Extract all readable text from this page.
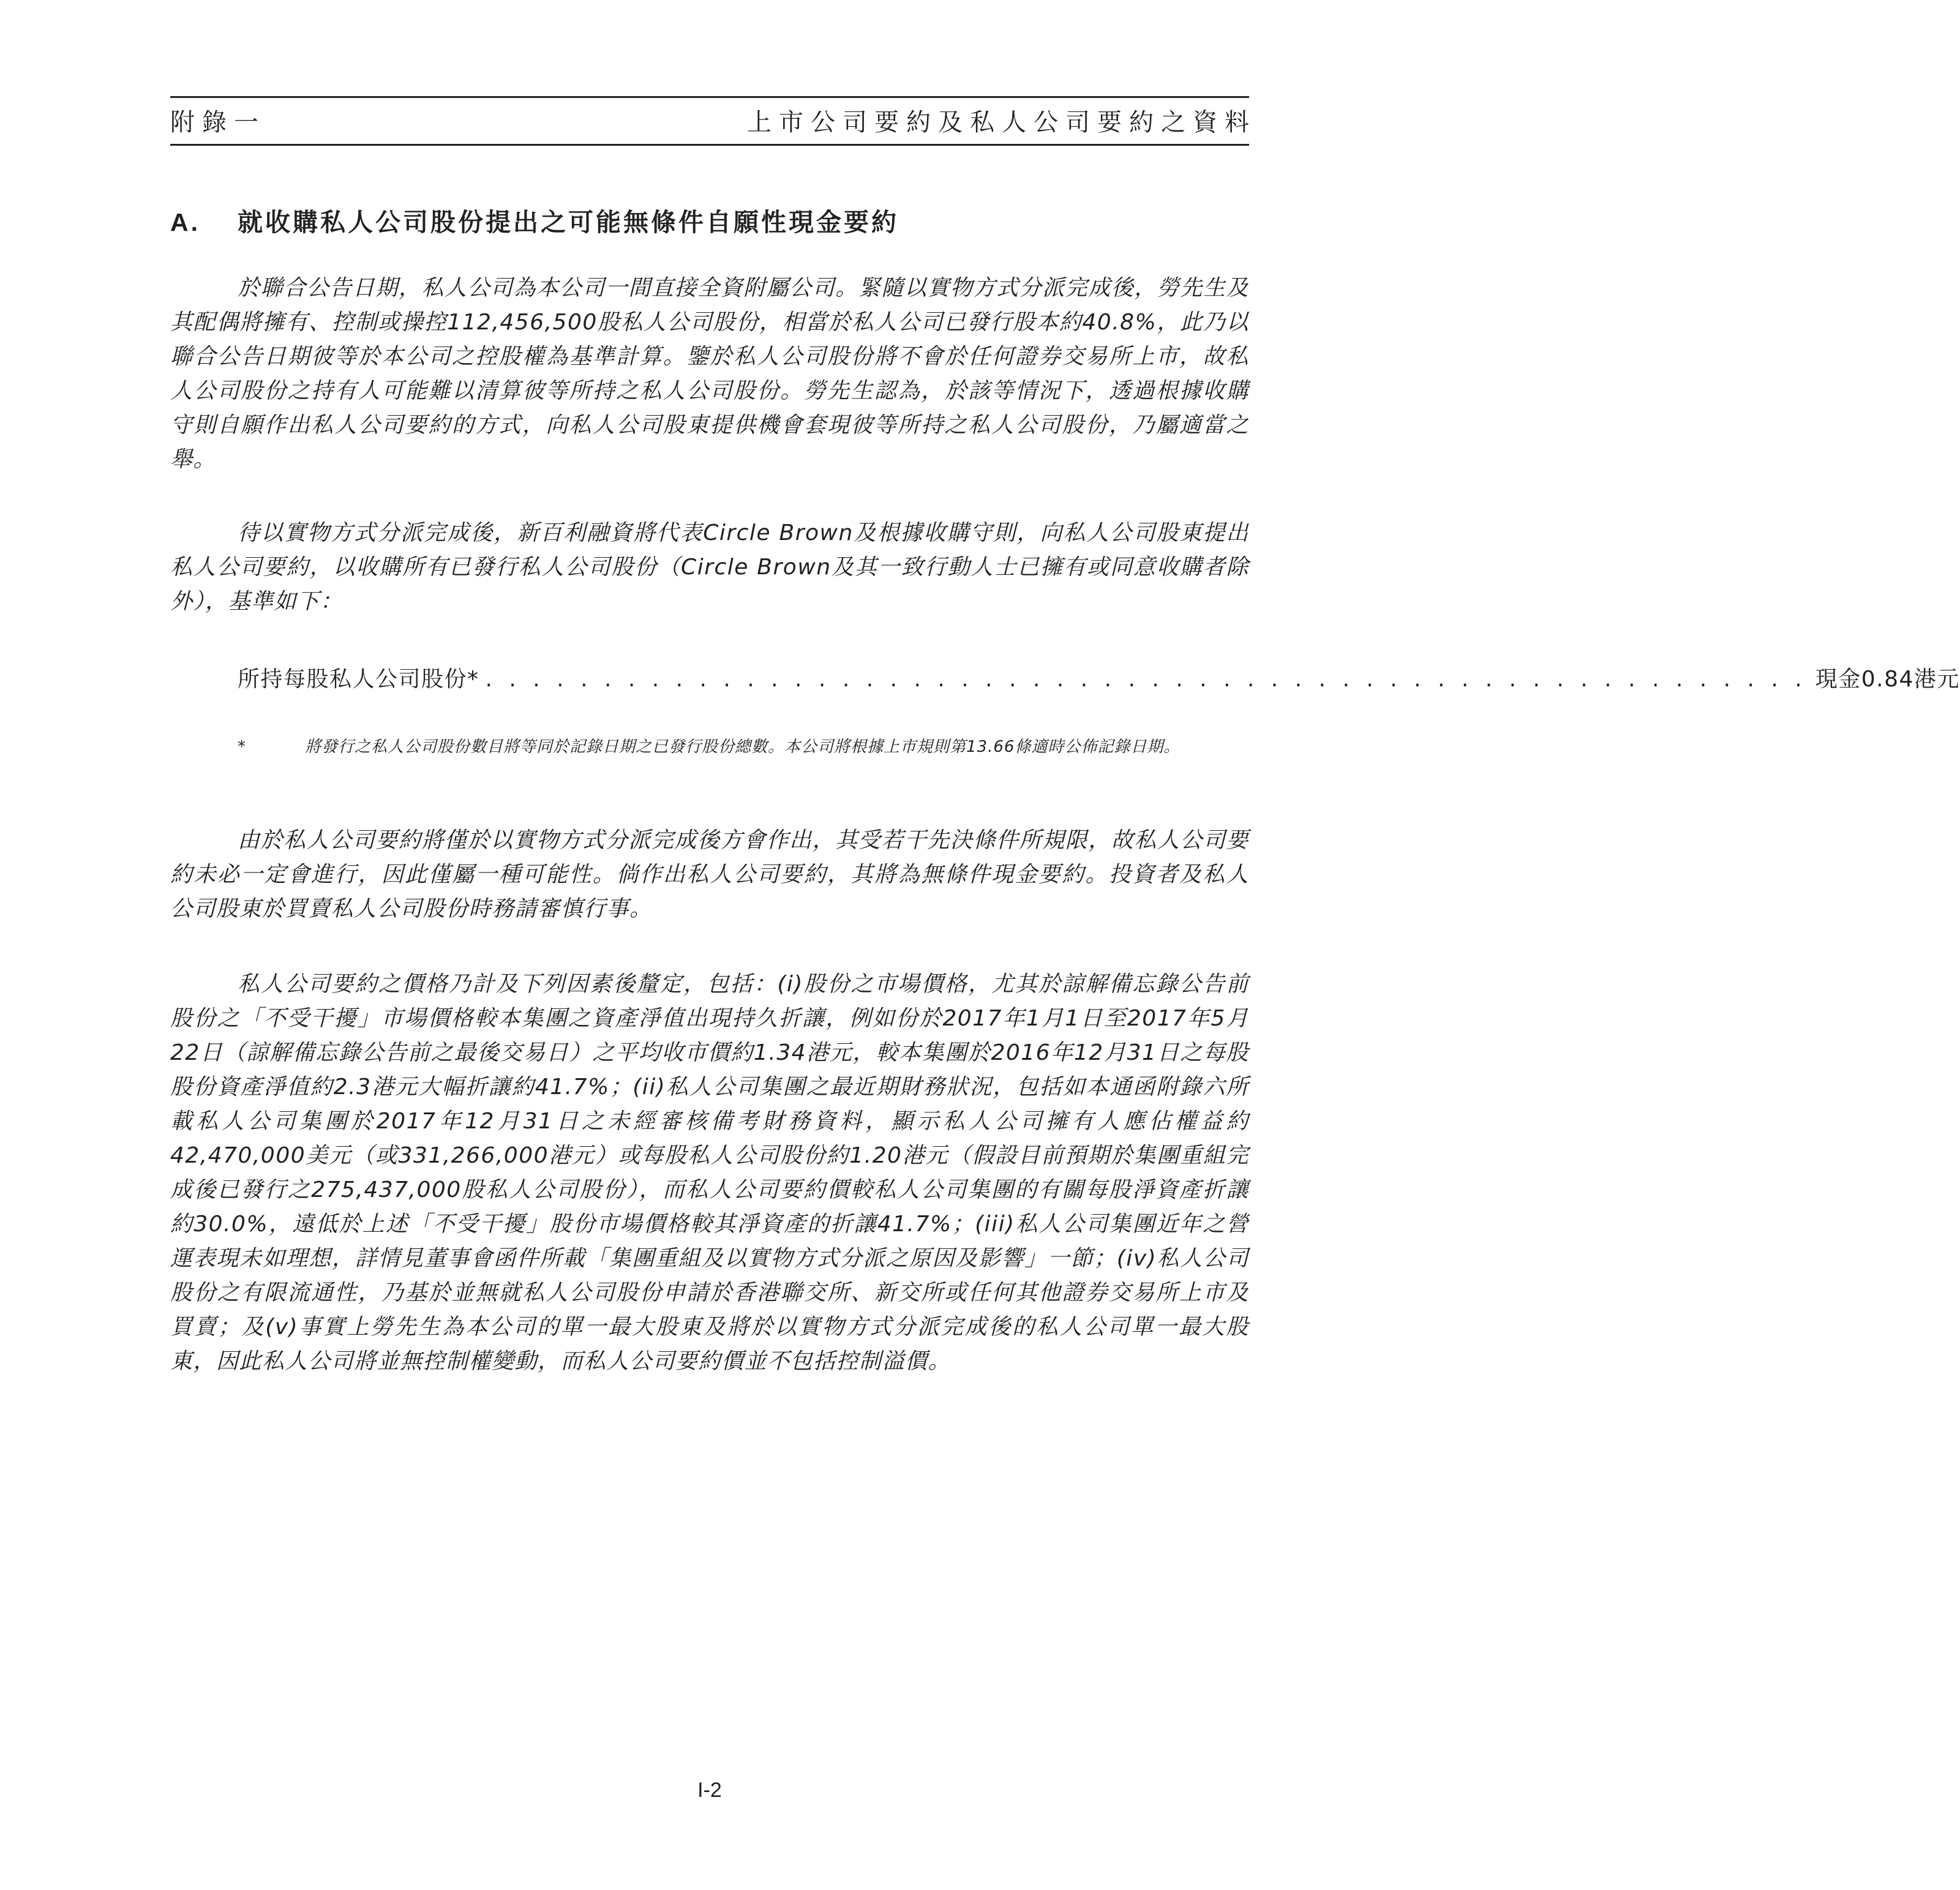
附錄一	上市公司要約及私人公司要約之資料
A. 就收購私人公司股份提出之可能無條件自願性現金要約
於聯合公告日期，私人公司為本公司一間直接全資附屬公司。緊隨以實物方式分派完成後，勞先生及其配偶將擁有、控制或操控112,456,500股私人公司股份，相當於私人公司已發行股本約40.8%，此乃以聯合公告日期彼等於本公司之控股權為基準計算。鑒於私人公司股份將不會於任何證券交易所上市，故私人公司股份之持有人可能難以清算彼等所持之私人公司股份。勞先生認為，於該等情況下，透過根據收購守則自願作出私人公司要約的方式，向私人公司股東提供機會套現彼等所持之私人公司股份，乃屬適當之舉。
待以實物方式分派完成後，新百利融資將代表Circle Brown及根據收購守則，向私人公司股東提出私人公司要約，以收購所有已發行私人公司股份（Circle Brown及其一致行動人士已擁有或同意收購者除外），基準如下：
所持每股私人公司股份* . . . . . . . . . . . . . . . . . . . . . . . . . . . . . . . . . . . . . . . . . . . . . . . . . . . . . . . . 現金0.84港元
*	將發行之私人公司股份數目將等同於記錄日期之已發行股份總數。本公司將根據上市規則第13.66條適時公佈記錄日期。
由於私人公司要約將僅於以實物方式分派完成後方會作出，其受若干先決條件所規限，故私人公司要約未必一定會進行，因此僅屬一種可能性。倘作出私人公司要約，其將為無條件現金要約。投資者及私人公司股東於買賣私人公司股份時務請審慎行事。
私人公司要約之價格乃計及下列因素後釐定，包括：(i)股份之市場價格，尤其於諒解備忘錄公告前股份之「不受干擾」市場價格較本集團之資產淨值出現持久折讓，例如份於2017年1月1日至2017年5月22日（諒解備忘錄公告前之最後交易日）之平均收市價約1.34港元，較本集團於2016年12月31日之每股股份資產淨值約2.3港元大幅折讓約41.7%；(ii)私人公司集團之最近期財務狀況，包括如本通函附錄六所載私人公司集團於2017年12月31日之未經審核備考財務資料，顯示私人公司擁有人應佔權益約42,470,000美元（或331,266,000港元）或每股私人公司股份約1.20港元（假設目前預期於集團重組完成後已發行之275,437,000股私人公司股份），而私人公司要約價較私人公司集團的有關每股淨資產折讓約30.0%，遠低於上述「不受干擾」股份市場價格較其淨資產的折讓41.7%；(iii)私人公司集團近年之營運表現未如理想，詳情見董事會函件所載「集團重組及以實物方式分派之原因及影響」一節；(iv)私人公司股份之有限流通性，乃基於並無就私人公司股份申請於香港聯交所、新交所或任何其他證券交易所上市及買賣；及(v)事實上勞先生為本公司的單一最大股東及將於以實物方式分派完成後的私人公司單一最大股東，因此私人公司將並無控制權變動，而私人公司要約價並不包括控制溢價。
I-2
